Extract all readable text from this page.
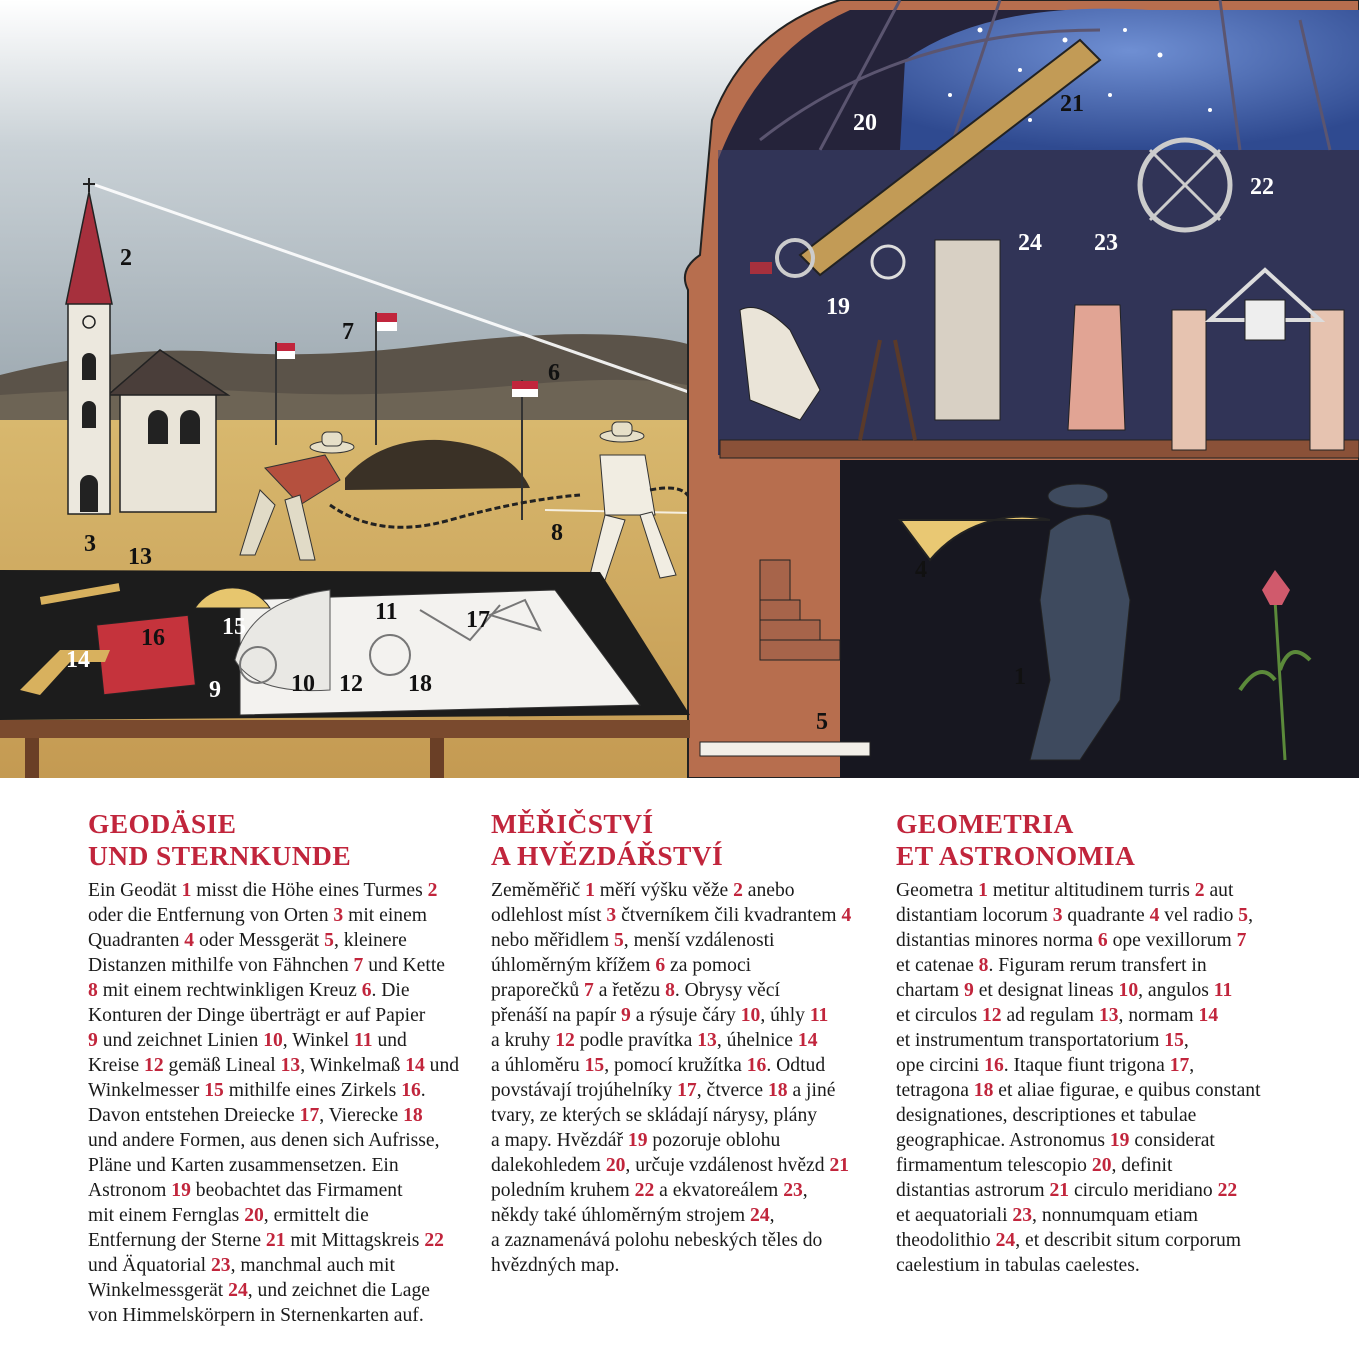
2
7
6
3 13
8
15
16
14
9	10 12 18
11	17
4
1
5
19
20
21
22
23
24
GEODÄSIE
UND STERNKUNDE
Ein Geodät 1 misst die Höhe eines Turmes 2
oder die Entfernung von Orten 3 mit einem
Quadranten 4 oder Messgerät 5, kleinere
Distanzen mithilfe von Fähnchen 7 und Kette
8 mit einem rechtwinkligen Kreuz 6. Die
Konturen der Dinge überträgt er auf Papier
9 und zeichnet Linien 10, Winkel 11 und
Kreise 12 gemäß Lineal 13, Winkelmaß 14 und
Winkelmesser 15 mithilfe eines Zirkels 16.
Davon entstehen Dreiecke 17, Vierecke 18
und andere Formen, aus denen sich Aufrisse,
Pläne und Karten zusammensetzen. Ein
Astronom 19 beobachtet das Firmament
mit einem Fernglas 20, ermittelt die
Entfernung der Sterne 21 mit Mittagskreis 22
und Äquatorial 23, manchmal auch mit
Winkelmessgerät 24, und zeichnet die Lage
von Himmelskörpern in Sternenkarten auf.
MĚŘIČSTVÍ
A HVĚZDÁŘSTVÍ
Zeměměřič 1 měří výšku věže 2 anebo
odlehlost míst 3 čtverníkem čili kvadrantem 4
nebo měřidlem 5, menší vzdálenosti
úhloměrným křížem 6 za pomoci
praporečků 7 a řetězu 8. Obrysy věcí
přenáší na papír 9 a rýsuje čáry 10, úhly 11
a kruhy 12 podle pravítka 13, úhelnice 14
a úhloměru 15, pomocí kružítka 16. Odtud
povstávají trojúhelníky 17, čtverce 18 a jiné
tvary, ze kterých se skládají nárysy, plány
a mapy. Hvězdář 19 pozoruje oblohu
dalekohledem 20, určuje vzdálenost hvězd 21
poledním kruhem 22 a ekvatoreálem 23,
někdy také úhloměrným strojem 24,
a zaznamenává polohu nebeských těles do
hvězdných map.
GEOMETRIA
ET ASTRONOMIA
Geometra 1 metitur altitudinem turris 2 aut
distantiam locorum 3 quadrante 4 vel radio 5,
distantias minores norma 6 ope vexillorum 7
et catenae 8. Figuram rerum transfert in
chartam 9 et designat lineas 10, angulos 11
et circulos 12 ad regulam 13, normam 14
et instrumentum transportatorium 15,
ope circini 16. Itaque fiunt trigona 17,
tetragona 18 et aliae figurae, e quibus constant
designationes, descriptiones et tabulae
geographicae. Astronomus 19 considerat
firmamentum telescopio 20, definit
distantias astrorum 21 circulo meridiano 22
et aequatoriali 23, nonnumquam etiam
theodolithio 24, et describit situm corporum
caelestium in tabulas caelestes.
